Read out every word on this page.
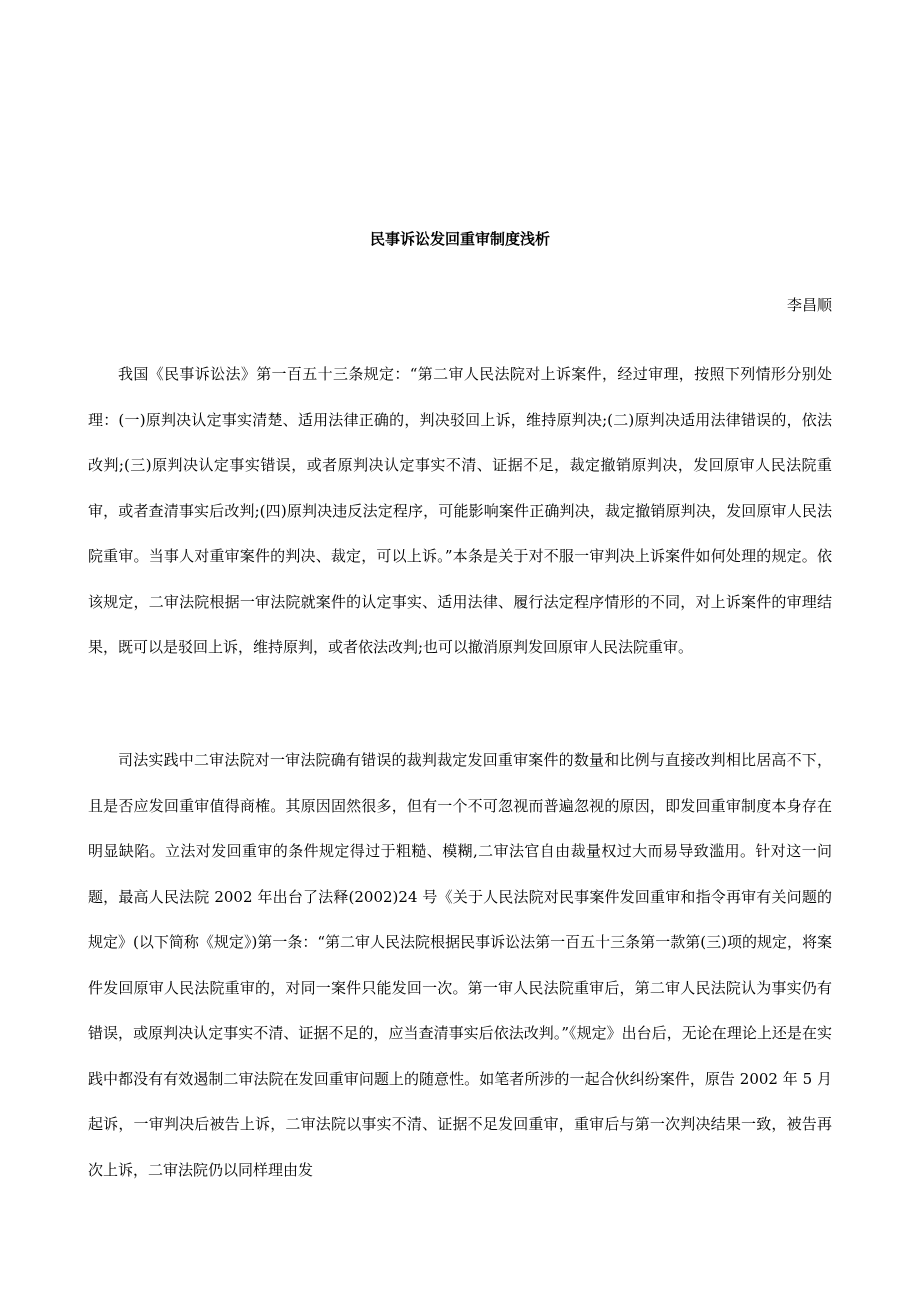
民事诉讼发回重审制度浅析
李昌顺

我国《民事诉讼法》第一百五十三条规定：“第二审人民法院对上诉案件，经过审理，按照下列情形分别处理：(一)原判决认定事实清楚、适用法律正确的，判决驳回上诉，维持原判决;(二)原判决适用法律错误的，依法改判;(三)原判决认定事实错误，或者原判决认定事实不清、证据不足，裁定撤销原判决，发回原审人民法院重审，或者查清事实后改判;(四)原判决违反法定程序，可能影响案件正确判决，裁定撤销原判决，发回原审人民法院重审。当事人对重审案件的判决、裁定，可以上诉。”本条是关于对不服一审判决上诉案件如何处理的规定。依该规定，二审法院根据一审法院就案件的认定事实、适用法律、履行法定程序情形的不同，对上诉案件的审理结果，既可以是驳回上诉，维持原判，或者依法改判;也可以撤消原判发回原审人民法院重审。

司法实践中二审法院对一审法院确有错误的裁判裁定发回重审案件的数量和比例与直接改判相比居高不下，且是否应发回重审值得商榷。其原因固然很多，但有一个不可忽视而普遍忽视的原因，即发回重审制度本身存在明显缺陷。立法对发回重审的条件规定得过于粗糙、模糊,二审法官自由裁量权过大而易导致滥用。针对这一问题，最高人民法院 2002 年出台了法释(2002)24 号《关于人民法院对民事案件发回重审和指令再审有关问题的规定》(以下简称《规定》)第一条：“第二审人民法院根据民事诉讼法第一百五十三条第一款第(三)项的规定，将案件发回原审人民法院重审的，对同一案件只能发回一次。第一审人民法院重审后，第二审人民法院认为事实仍有错误，或原判决认定事实不清、证据不足的，应当查清事实后依法改判。”《规定》出台后，无论在理论上还是在实践中都没有有效遏制二审法院在发回重审问题上的随意性。如笔者所涉的一起合伙纠纷案件，原告 2002 年 5 月起诉，一审判决后被告上诉，二审法院以事实不清、证据不足发回重审，重审后与第一次判决结果一致，被告再次上诉，二审法院仍以同样理由发
